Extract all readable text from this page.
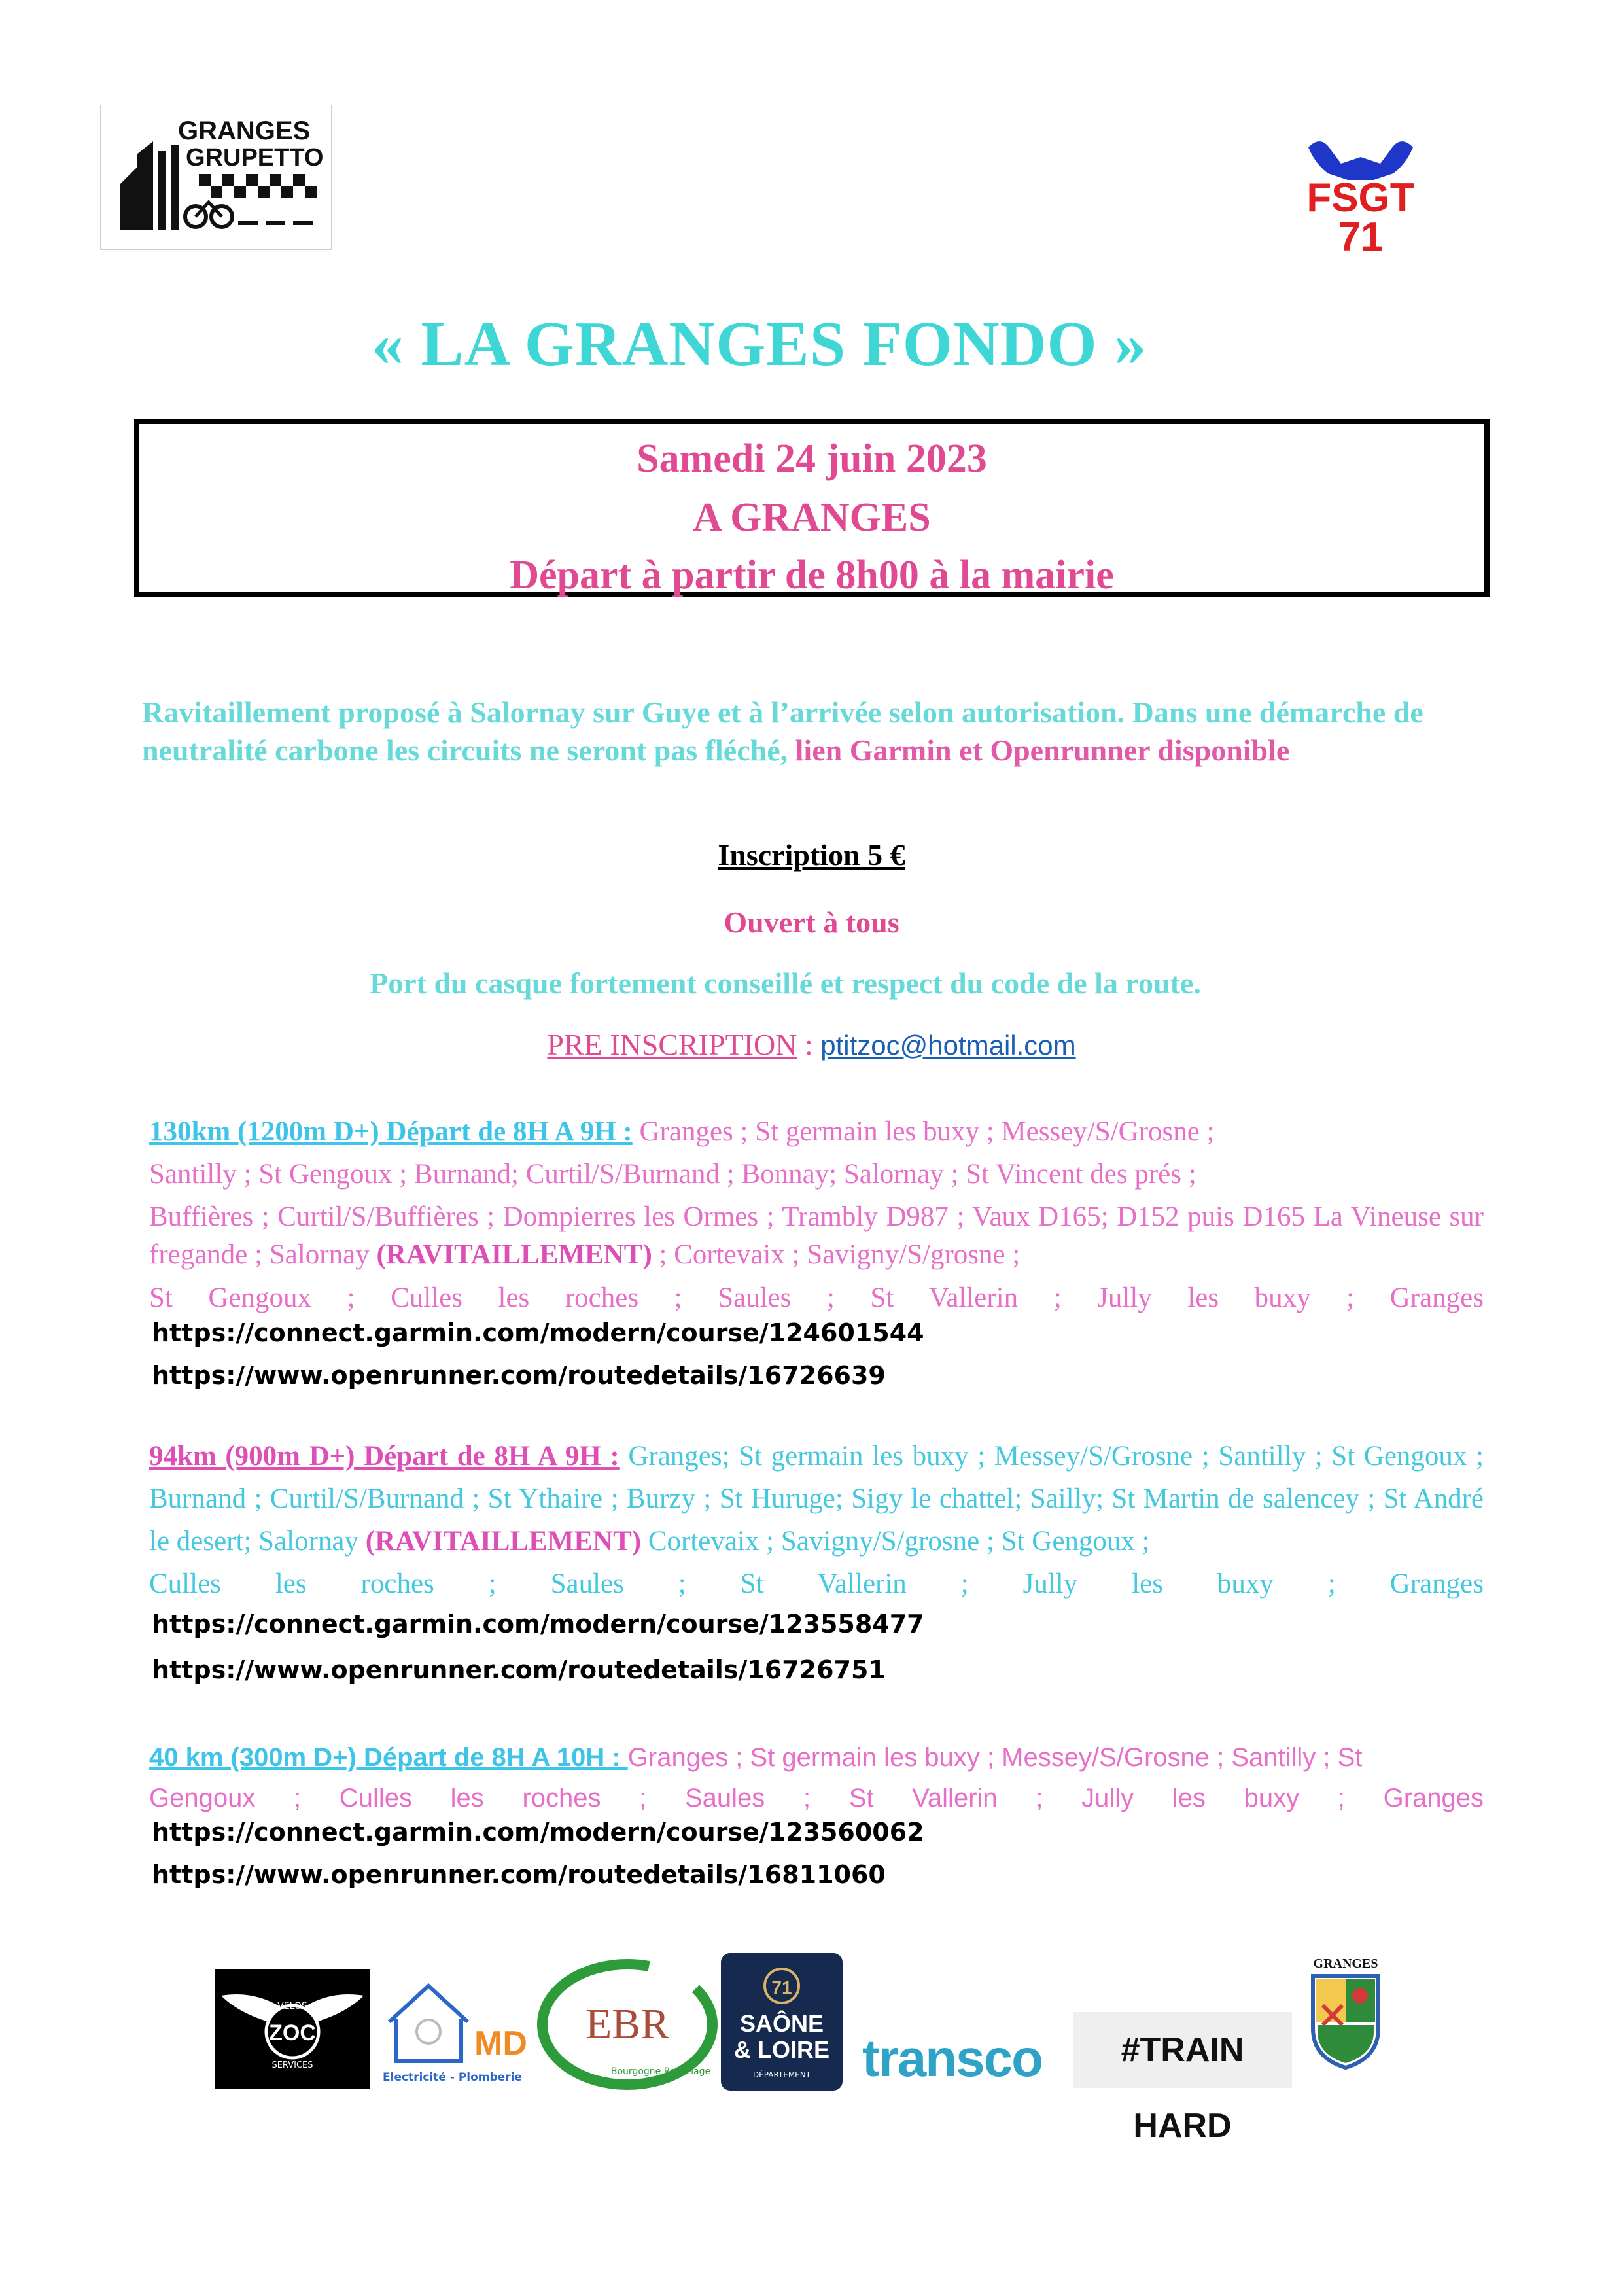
GRANGES
GRUPETTO
FSGT
71
« LA GRANGES FONDO »
Samedi 24 juin 2023
A GRANGES
Départ à partir de 8h00 à la mairie
Ravitaillement proposé à Salornay sur Guye et à l’arrivée selon autorisation. Dans une démarche de neutralité carbone les circuits ne seront pas fléché, lien Garmin et Openrunner disponible
Inscription 5 €
Ouvert à tous
Port du casque fortement conseillé et respect du code de la route.
PRE INSCRIPTION : ptitzoc@hotmail.com
130km (1200m D+) Départ de 8H A 9H : Granges ; St germain les buxy ; Messey/S/Grosne ;
Santilly ; St Gengoux ; Burnand; Curtil/S/Burnand ; Bonnay; Salornay ; St Vincent des prés ;
Buffières ; Curtil/S/Buffières ; Dompierres les Ormes ; Trambly D987 ; Vaux D165; D152 puis D165 La Vineuse sur fregande ; Salornay (RAVITAILLEMENT) ; Cortevaix ; Savigny/S/grosne ;
St Gengoux ; Culles les roches ; Saules ; St Vallerin ; Jully les buxy ; Granges
https://connect.garmin.com/modern/course/124601544
https://www.openrunner.com/routedetails/16726639
94km (900m D+) Départ de 8H A 9H : Granges; St germain les buxy ; Messey/S/Grosne ; Santilly ; St Gengoux ; Burnand ; Curtil/S/Burnand ; St Ythaire ; Burzy ; St Huruge; Sigy le chattel; Sailly; St Martin de salencey ; St André le desert; Salornay (RAVITAILLEMENT) Cortevaix ; Savigny/S/grosne ; St Gengoux ;
Culles les roches ; Saules ; St Vallerin ; Jully les buxy ; Granges
https://connect.garmin.com/modern/course/123558477
https://www.openrunner.com/routedetails/16726751
40 km (300m D+) Départ de 8H A 10H : Granges ; St germain les buxy ; Messey/S/Grosne ; Santilly ; St
Gengoux ; Culles les roches ; Saules ; St Vallerin ; Jully les buxy ; Granges
https://connect.garmin.com/modern/course/123560062
https://www.openrunner.com/routedetails/16811060
VELOS
ZOC
SERVICES
MD
Electricité - Plomberie
EBR
Bourgogne Recyclage
71
SAÔNE
& LOIRE
DÉPARTEMENT transco	#TRAIN HARD
GRANGES
